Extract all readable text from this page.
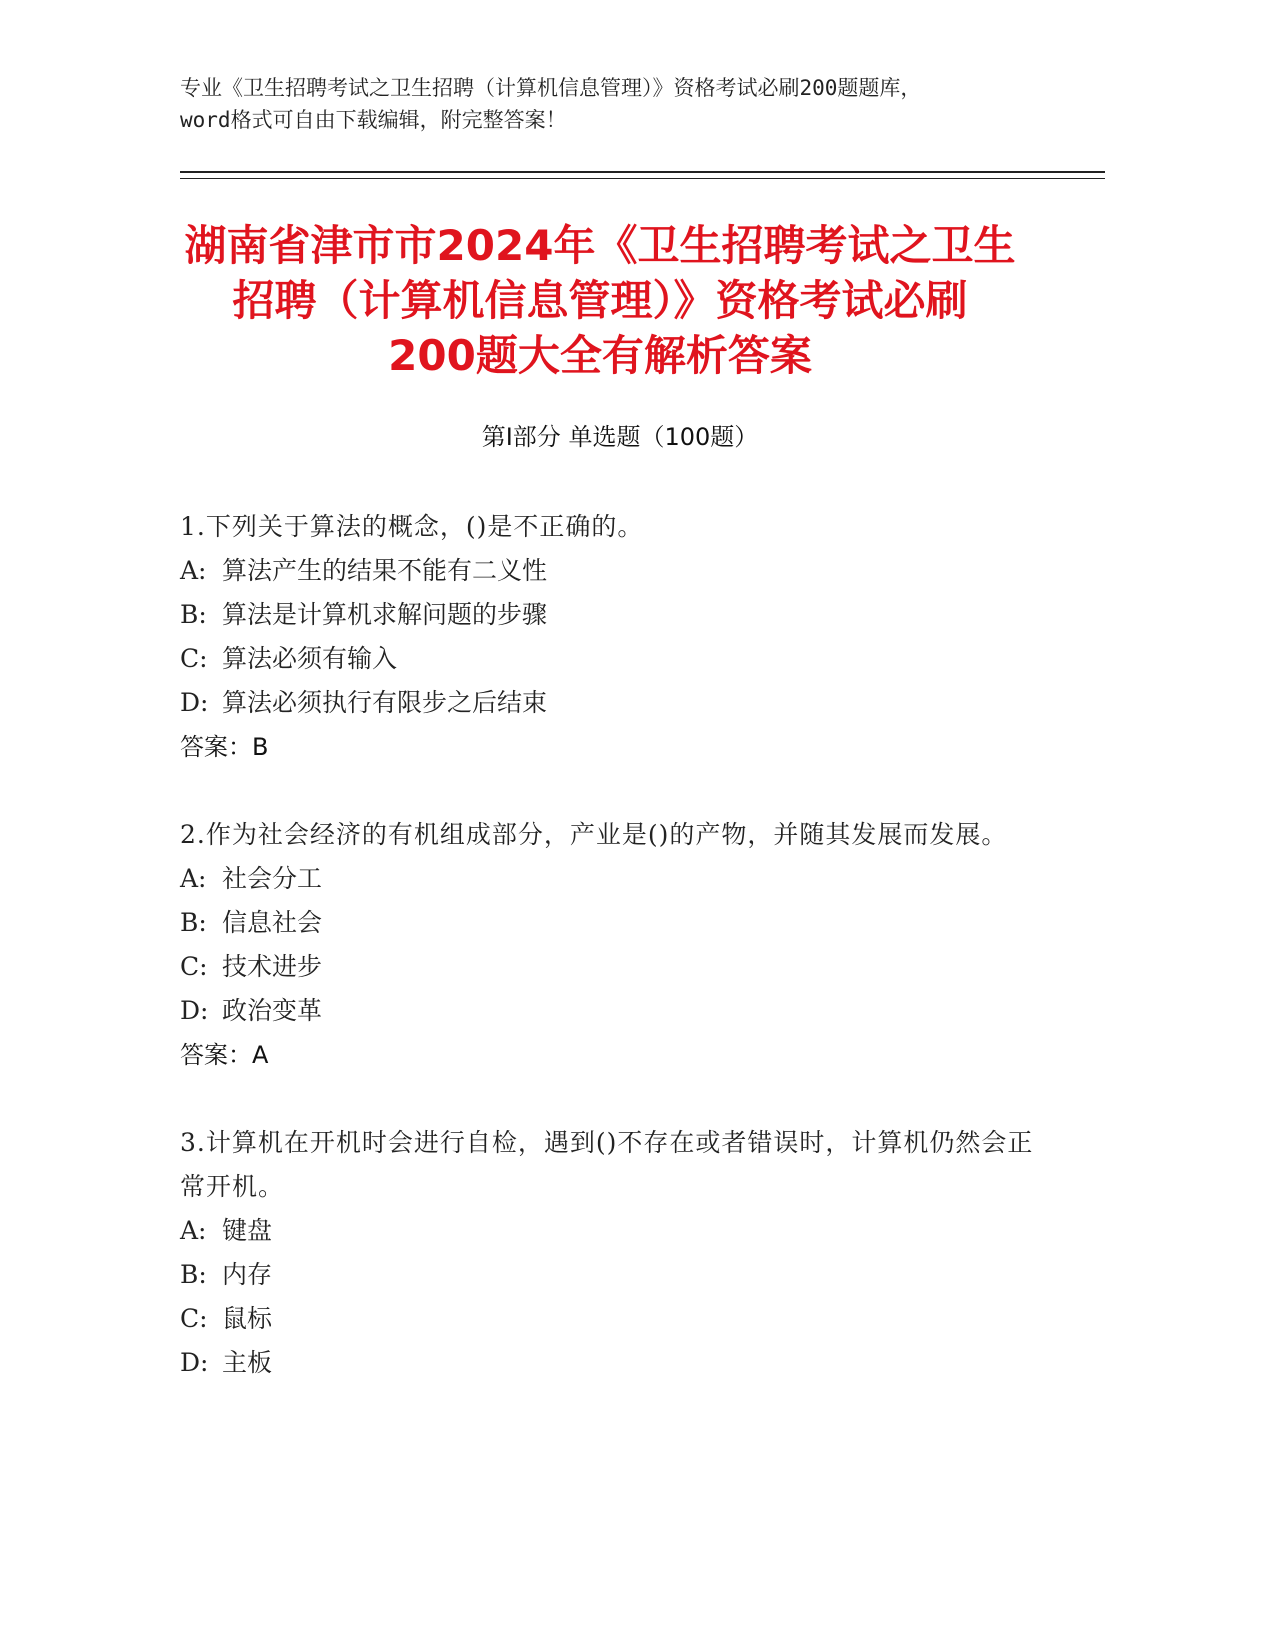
专业《卫生招聘考试之卫生招聘（计算机信息管理）》资格考试必刷200题题库，

word格式可自由下载编辑，附完整答案！

湖南省津市市2024年《卫生招聘考试之卫生
招聘（计算机信息管理）》资格考试必刷
200题大全有解析答案
第Ⅰ部分 单选题（100题）

1.下列关于算法的概念，()是不正确的。

A: 算法产生的结果不能有二义性

B: 算法是计算机求解问题的步骤

C: 算法必须有输入

D: 算法必须执行有限步之后结束

答案：B

2.作为社会经济的有机组成部分，产业是()的产物，并随其发展而发展。

A: 社会分工

B: 信息社会

C: 技术进步

D: 政治变革

答案：A

3.计算机在开机时会进行自检，遇到()不存在或者错误时，计算机仍然会正常开机。

A: 键盘

B: 内存

C: 鼠标

D: 主板
